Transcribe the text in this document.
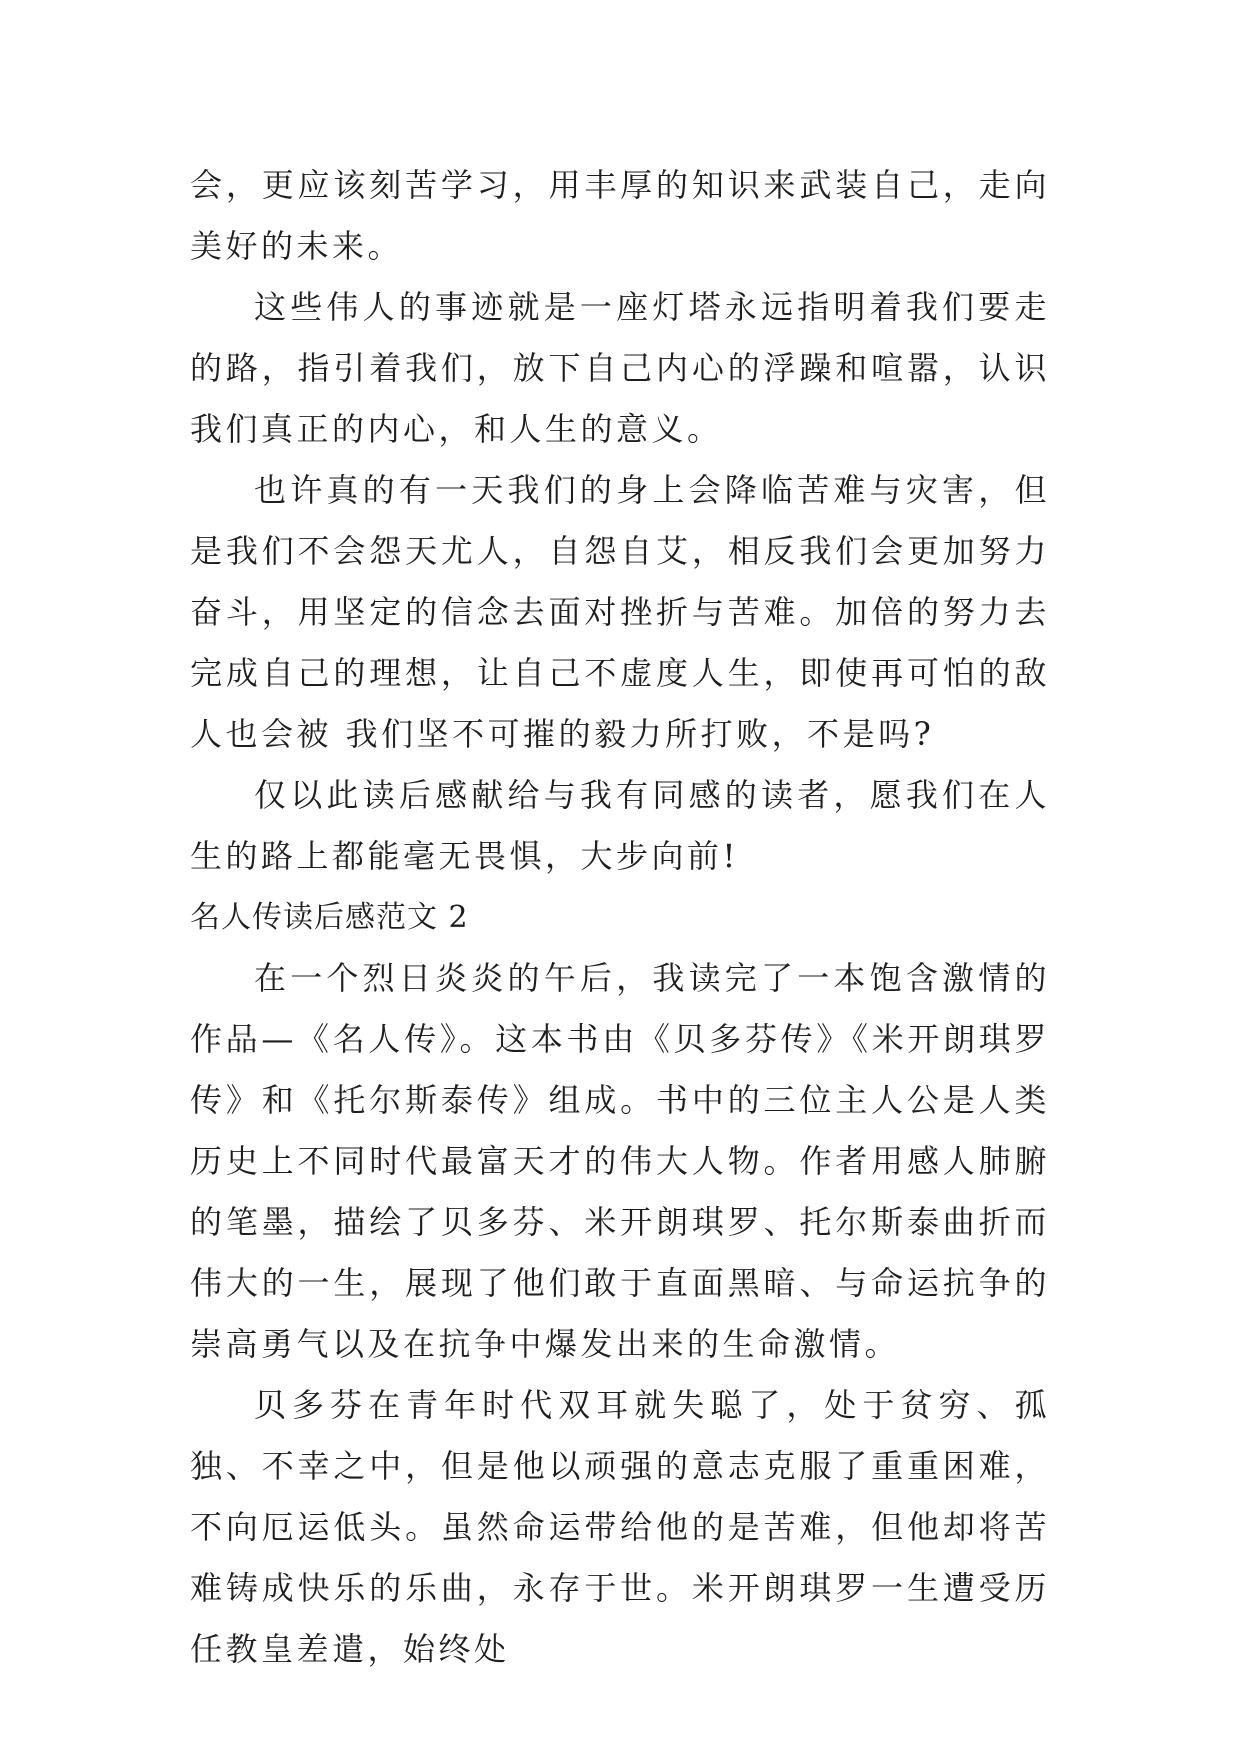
会，更应该刻苦学习，用丰厚的知识来武装自己，走向美好的未来。

这些伟人的事迹就是一座灯塔永远指明着我们要走的路，指引着我们，放下自己内心的浮躁和喧嚣，认识我们真正的内心，和人生的意义。

也许真的有一天我们的身上会降临苦难与灾害，但是我们不会怨天尤人，自怨自艾，相反我们会更加努力奋斗，用坚定的信念去面对挫折与苦难。加倍的努力去完成自己的理想，让自己不虚度人生，即使再可怕的敌人也会被 我们坚不可摧的毅力所打败，不是吗?

仅以此读后感献给与我有同感的读者，愿我们在人生的路上都能毫无畏惧，大步向前!

名人传读后感范文 2

在一个烈日炎炎的午后，我读完了一本饱含激情的作品—《名人传》。这本书由《贝多芬传》《米开朗琪罗传》和《托尔斯泰传》组成。书中的三位主人公是人类历史上不同时代最富天才的伟大人物。作者用感人肺腑的笔墨，描绘了贝多芬、米开朗琪罗、托尔斯泰曲折而伟大的一生，展现了他们敢于直面黑暗、与命运抗争的崇高勇气以及在抗争中爆发出来的生命激情。

贝多芬在青年时代双耳就失聪了，处于贫穷、孤独、不幸之中，但是他以顽强的意志克服了重重困难，不向厄运低头。虽然命运带给他的是苦难，但他却将苦难铸成快乐的乐曲，永存于世。米开朗琪罗一生遭受历任教皇差遣，始终处
